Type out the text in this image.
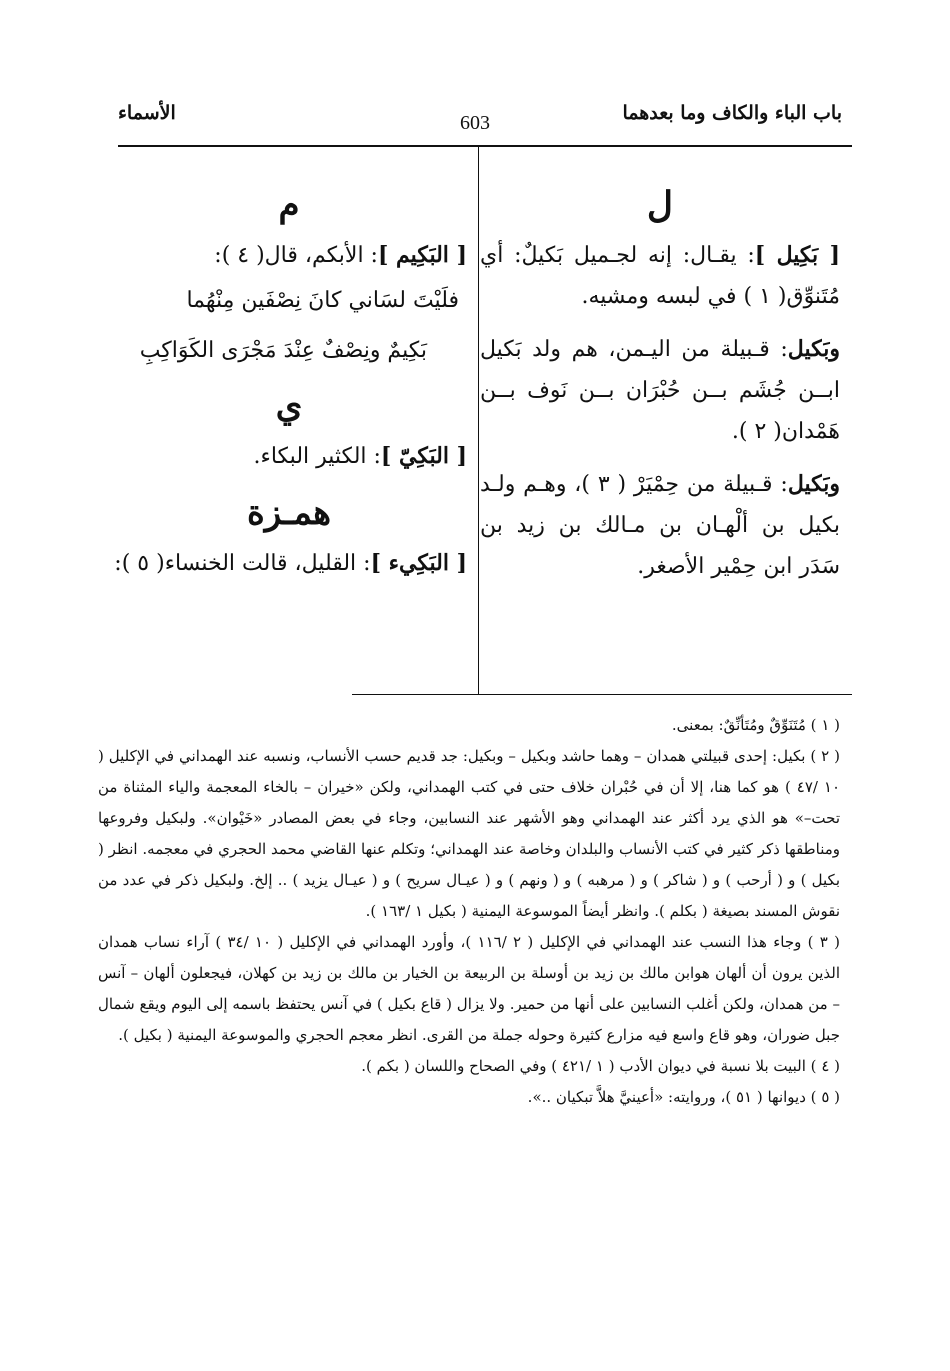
باب الباء والكاف وما بعدهما
603
الأسماء
ل

[ بَكِيل ]: يقـال: إنه لجـميل بَكيلٌ: أي مُتَنوِّق( ١ ) في لبسه ومشيه.

وبَكيل: قـبيلة من اليـمن، هم ولد بَكيل ابــن جُشَم بــن حُبْرَان بــن نَوف بــن هَمْدان( ٢ ).

وبَكيل: قـبيلة من حِمْيَرْ ( ٣ )، وهـم ولـد بكيل بن ألْهـان بن مـالك بن زيد بن سَدَر ابن حِمْير الأصغر.

م

[ البَكِيم ]: الأبكم، قال( ٤ ):

فلَيْتَ لسَاني كانَ نِصْفَين مِنْهُما

بَكِيمٌ ونِصْفٌ عِنْدَ مَجْرَى الكَوَاكِبِ

ي

[ البَكِيّ ]: الكثير البكاء.

همـزة

[ البَكِيء ]: القليل، قالت الخنساء( ٥ ):

( ١ ) مُتَنَوِّقٌ ومُتَأنِّقٌ: بمعنى.

( ٢ ) بكيل: إحدى قبيلتي همدان – وهما حاشد وبكيل – وبكيل: جد قديم حسب الأنساب، ونسبه عند الهمداني في الإكليل ( ١٠ /٤٧ ) هو كما هنا، إلا أن في حُبْران خلاف حتى في كتب الهمداني، ولكن «خيران – بالخاء المعجمة والياء المثناة من تحت–» هو الذي يرد أكثر عند الهمداني وهو الأشهر عند النسابين، وجاء في بعض المصادر «خَيْوان». ولبكيل وفروعها ومناطقها ذكر كثير في كتب الأنساب والبلدان وخاصة عند الهمداني؛ وتكلم عنها القاضي محمد الحجري في معجمه. انظر ( بكيل ) و ( أرحب ) و ( شاكر ) و ( مرهبه ) و ( ونهم ) و ( عيـال سريح ) و ( عيـال يزيد ) .. إلخ. ولبكيل ذكر في عدد من نقوش المسند بصيغة ( بكلم ). وانظر أيضاً الموسوعة اليمنية ( بكيل ١ /١٦٣ ).

( ٣ ) وجاء هذا النسب عند الهمداني في الإكليل ( ٢ /١١٦ )، وأورد الهمداني في الإكليل ( ١٠ /٣٤ ) آراء نساب همدان الذين يرون أن ألهان هوابن مالك بن زيد بن أوسلة بن الربيعة بن الخيار بن مالك بن زيد بن كهلان، فيجعلون ألهان – آنس – من همدان، ولكن أغلب النسابين على أنها من حمير. ولا يزال ( قاع بكيل ) في آنس يحتفظ باسمه إلى اليوم ويقع شمال جبل ضوران، وهو قاع واسع فيه مزارع كثيرة وحوله جملة من القرى. انظر معجم الحجري والموسوعة اليمنية ( بكيل ).

( ٤ ) البيت بلا نسبة في ديوان الأدب ( ١ /٤٢١ ) وفي الصحاح واللسان ( بكم ).

( ٥ ) ديوانها ( ٥١ )، وروايته: «أعينيَّ هلاَّ تبكيان ..».
